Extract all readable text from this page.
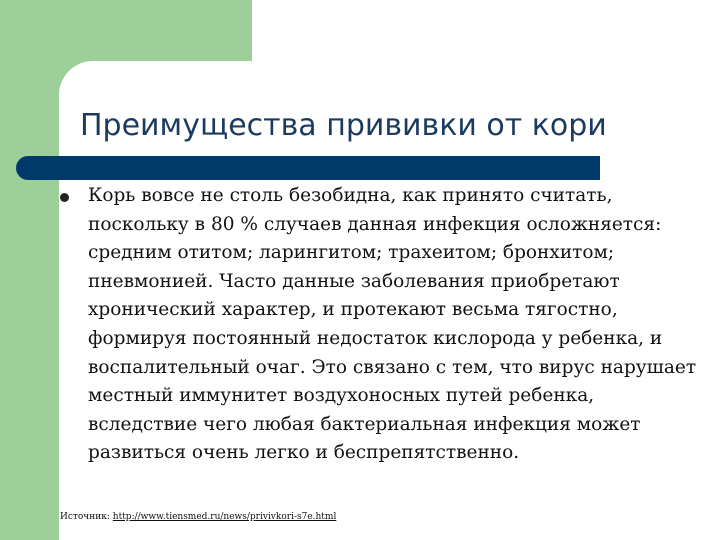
Преимущества прививки от кори

Корь вовсе не столь безобидна, как принято считать, поскольку в 80 % случаев данная инфекция осложняется: средним отитом; ларингитом; трахеитом; бронхитом; пневмонией. Часто данные заболевания приобретают хронический характер, и протекают весьма тягостно, формируя постоянный недостаток кислорода у ребенка, и воспалительный очаг. Это связано с тем, что вирус нарушает местный иммунитет воздухоносных путей ребенка, вследствие чего любая бактериальная инфекция может развиться очень легко и беспрепятственно.

Источник: http://www.tiensmed.ru/news/privivkori-s7e.html
